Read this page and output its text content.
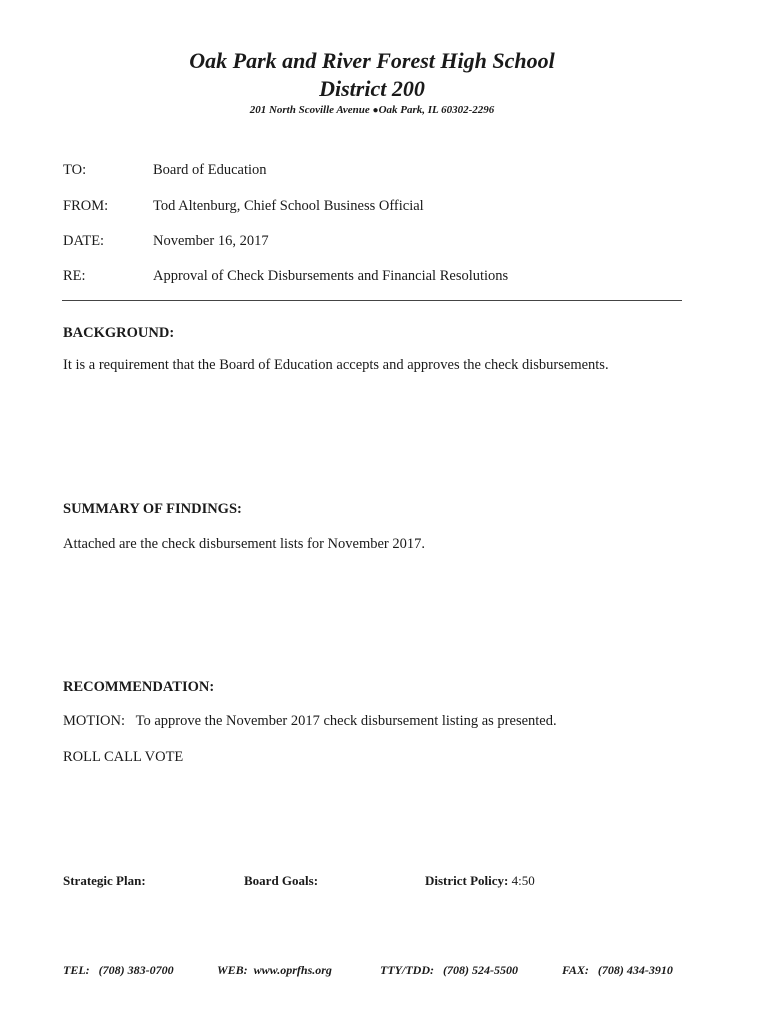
Oak Park and River Forest High School
District 200
201 North Scoville Avenue ●Oak Park, IL 60302-2296
TO:	Board of Education
FROM:	Tod Altenburg, Chief School Business Official
DATE:	November 16, 2017
RE:	Approval of Check Disbursements and Financial Resolutions
BACKGROUND:
It is a requirement that the Board of Education accepts and approves the check disbursements.
SUMMARY OF FINDINGS:
Attached are the check disbursement lists for November 2017.
RECOMMENDATION:
MOTION:   To approve the November 2017 check disbursement listing as presented.
ROLL CALL VOTE
Strategic Plan:	Board Goals:	District Policy: 4:50
TEL:   (708) 383-0700	WEB:  www.oprfhs.org	TTY/TDD:   (708) 524-5500	FAX:   (708) 434-3910
